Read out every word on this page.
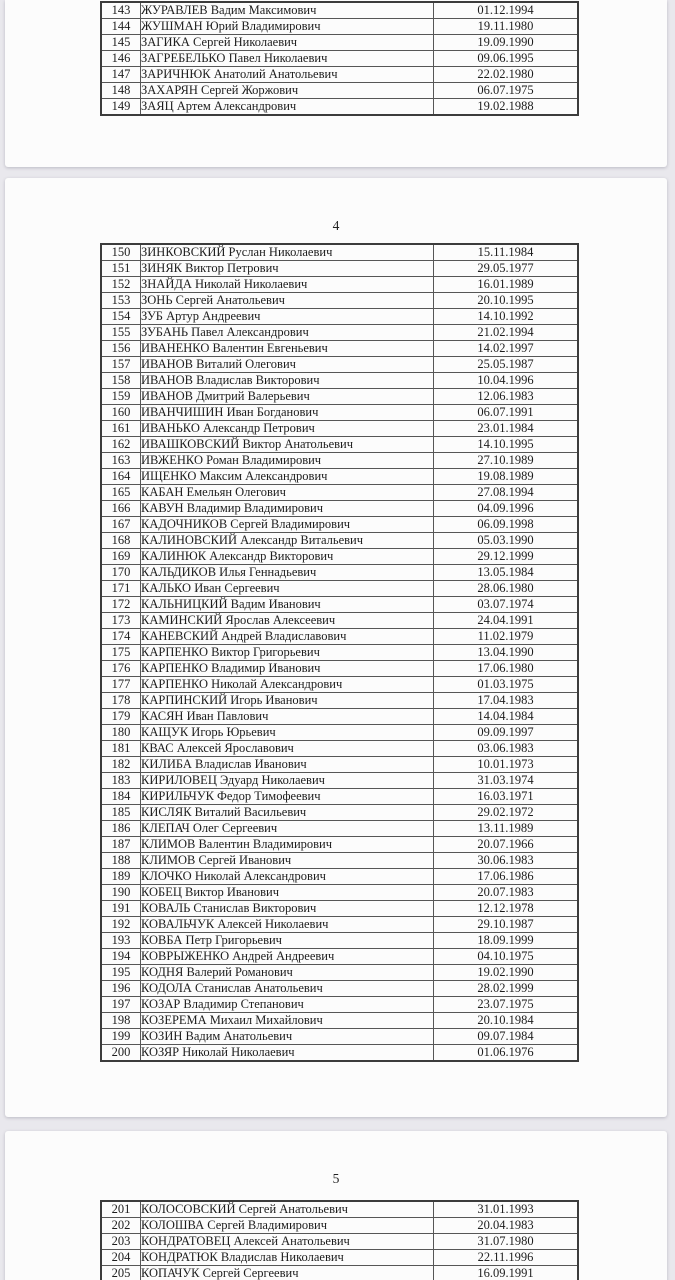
143	ЖУРАВЛЕВ Вадим Максимович	01.12.1994
144	ЖУШМАН Юрий Владимирович	19.11.1980
145	ЗАГИКА Сергей Николаевич	19.09.1990
146	ЗАГРЕБЕЛЬКО Павел Николаевич	09.06.1995
147	ЗАРИЧНЮК Анатолий Анатольевич	22.02.1980
148	ЗАХАРЯН Сергей Жоржович	06.07.1975
149	ЗАЯЦ Артем Александрович	19.02.1988
4
150	ЗИНКОВСКИЙ Руслан Николаевич	15.11.1984
151	ЗИНЯК Виктор Петрович	29.05.1977
152	ЗНАЙДА Николай Николаевич	16.01.1989
153	ЗОНЬ Сергей Анатольевич	20.10.1995
154	ЗУБ Артур Андреевич	14.10.1992
155	ЗУБАНЬ Павел Александрович	21.02.1994
156	ИВАНЕНКО Валентин Евгеньевич	14.02.1997
157	ИВАНОВ Виталий Олегович	25.05.1987
158	ИВАНОВ Владислав Викторович	10.04.1996
159	ИВАНОВ Дмитрий Валерьевич	12.06.1983
160	ИВАНЧИШИН Иван Богданович	06.07.1991
161	ИВАНЬКО Александр Петрович	23.01.1984
162	ИВАШКОВСКИЙ Виктор Анатольевич	14.10.1995
163	ИВЖЕНКО Роман Владимирович	27.10.1989
164	ИЩЕНКО Максим Александрович	19.08.1989
165	КАБАН Емельян Олегович	27.08.1994
166	КАВУН Владимир Владимирович	04.09.1996
167	КАДОЧНИКОВ Сергей Владимирович	06.09.1998
168	КАЛИНОВСКИЙ Александр Витальевич	05.03.1990
169	КАЛИНЮК Александр Викторович	29.12.1999
170	КАЛЬДИКОВ Илья Геннадьевич	13.05.1984
171	КАЛЬКО Иван Сергеевич	28.06.1980
172	КАЛЬНИЦКИЙ Вадим Иванович	03.07.1974
173	КАМИНСКИЙ Ярослав Алексеевич	24.04.1991
174	КАНЕВСКИЙ Андрей Владиславович	11.02.1979
175	КАРПЕНКО Виктор Григорьевич	13.04.1990
176	КАРПЕНКО Владимир Иванович	17.06.1980
177	КАРПЕНКО Николай Александрович	01.03.1975
178	КАРПИНСКИЙ Игорь Иванович	17.04.1983
179	КАСЯН Иван Павлович	14.04.1984
180	КАЩУК Игорь Юрьевич	09.09.1997
181	КВАС Алексей Ярославович	03.06.1983
182	КИЛИБА Владислав Иванович	10.01.1973
183	КИРИЛОВЕЦ Эдуард Николаевич	31.03.1974
184	КИРИЛЬЧУК Федор Тимофеевич	16.03.1971
185	КИСЛЯК Виталий Васильевич	29.02.1972
186	КЛЕПАЧ Олег Сергеевич	13.11.1989
187	КЛИМОВ Валентин Владимирович	20.07.1966
188	КЛИМОВ Сергей Иванович	30.06.1983
189	КЛОЧКО Николай Александрович	17.06.1986
190	КОБЕЦ Виктор Иванович	20.07.1983
191	КОВАЛЬ Станислав Викторович	12.12.1978
192	КОВАЛЬЧУК Алексей Николаевич	29.10.1987
193	КОВБА Петр Григорьевич	18.09.1999
194	КОВРЫЖЕНКО Андрей Андреевич	04.10.1975
195	КОДНЯ Валерий Романович	19.02.1990
196	КОДОЛА Станислав Анатольевич	28.02.1999
197	КОЗАР Владимир Степанович	23.07.1975
198	КОЗЕРЕМА Михаил Михайлович	20.10.1984
199	КОЗИН Вадим Анатольевич	09.07.1984
200	КОЗЯР Николай Николаевич	01.06.1976
5
201	КОЛОСОВСКИЙ Сергей Анатольевич	31.01.1993
202	КОЛОШВА Сергей Владимирович	20.04.1983
203	КОНДРАТОВЕЦ Алексей Анатольевич	31.07.1980
204	КОНДРАТЮК Владислав Николаевич	22.11.1996
205	КОПАЧУК Сергей Сергеевич	16.09.1991
